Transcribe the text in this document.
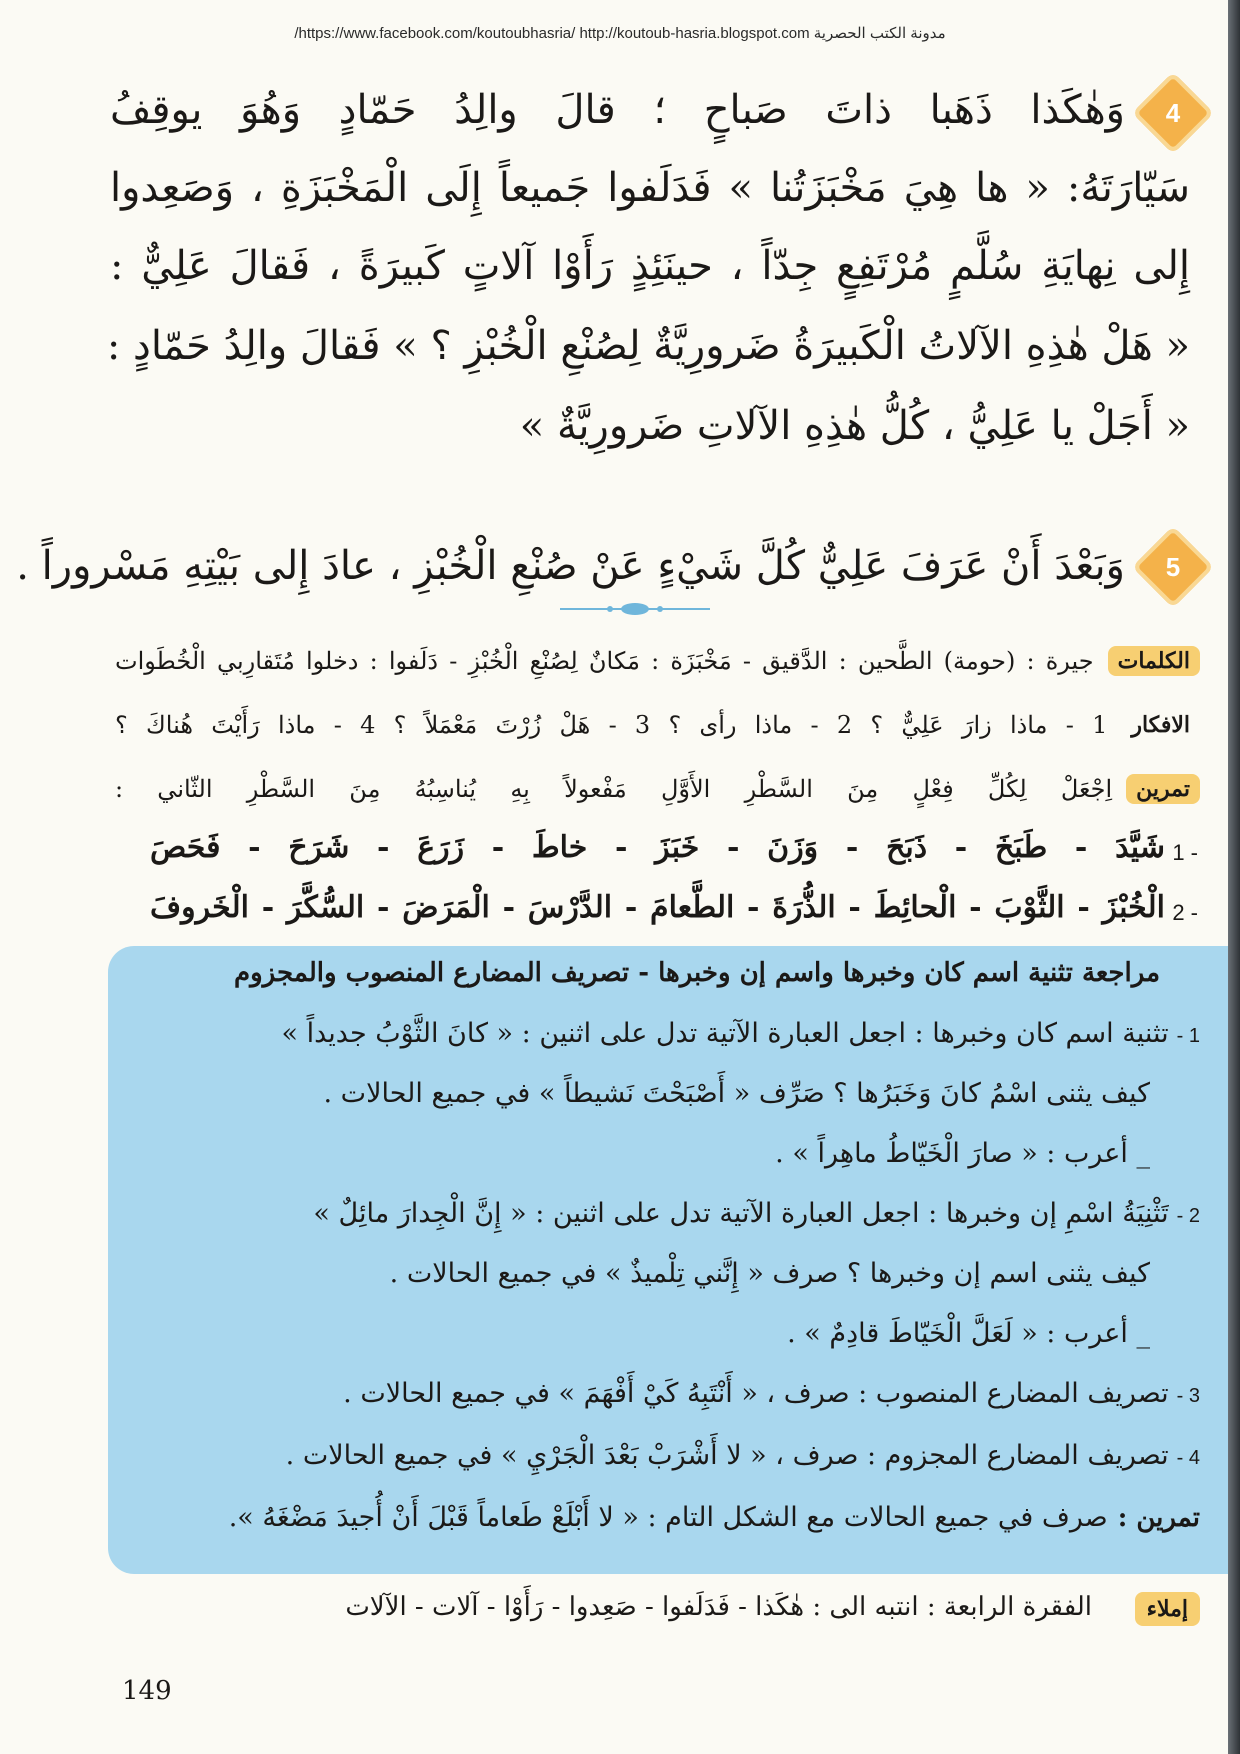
/https://www.facebook.com/koutoubhasria/ http://koutoub-hasria.blogspot.com مدونة الكتب الحصرية
4
وَهٰكَذا ذَهَبا ذاتَ صَباحٍ ؛ قالَ والِدُ حَمّادٍ وَهُوَ يوقِفُ
سَيّارَتَهُ: « ها هِيَ مَخْبَزَتُنا » فَدَلَفوا جَميعاً إِلَى الْمَخْبَزَةِ ، وَصَعِدوا
إِلى نِهايَةِ سُلَّمٍ مُرْتَفِعٍ جِدّاً ، حينَئِذٍ رَأَوْا آلاتٍ كَبيرَةً ، فَقالَ عَلِيٌّ :
« هَلْ هٰذِهِ الآلاتُ الْكَبيرَةُ ضَرورِيَّةٌ لِصُنْعِ الْخُبْزِ ؟ » فَقالَ والِدُ حَمّادٍ :
« أَجَلْ يا عَلِيُّ ، كُلُّ هٰذِهِ الآلاتِ ضَرورِيَّةٌ »
5
وَبَعْدَ أَنْ عَرَفَ عَلِيٌّ كُلَّ شَيْءٍ عَنْ صُنْعِ الْخُبْزِ ، عادَ إِلى بَيْتِهِ مَسْروراً .
الكلمات
جيرة : (حومة) الطَّحين : الدَّقيق - مَخْبَزَة : مَكانٌ لِصُنْعِ الْخُبْزِ - دَلَفوا : دخلوا مُتَقارِبي الْخُطَوات
الافكار
1 - ماذا زارَ عَلِيٌّ ؟ 2 - ماذا رأى ؟ 3 - هَلْ زُرْتَ مَعْمَلاً ؟ 4 - ماذا رَأَيْتَ هُناكَ ؟
تمرين
اِجْعَلْ لِكُلِّ فِعْلٍ مِنَ السَّطْرِ الأَوَّلِ مَفْعولاً بِهِ يُناسِبُهُ مِنَ السَّطْرِ الثّاني :
1 -
شَيَّدَ - طَبَخَ - ذَبَحَ - وَزَنَ - خَبَزَ - خاطَ - زَرَعَ - شَرَحَ - فَحَصَ
2 -
الْخُبْزَ - الثَّوْبَ - الْحائِطَ - الذُّرَةَ - الطَّعامَ - الدَّرْسَ - الْمَرَضَ - السُّكَّرَ - الْخَروفَ
مراجعة تثنية اسم كان وخبرها واسم إن وخبرها - تصريف المضارع المنصوب والمجزوم
1 -تثنية اسم كان وخبرها : اجعل العبارة الآتية تدل على اثنين : « كانَ الثَّوْبُ جديداً »
كيف يثنى اسْمُ كانَ وَخَبَرُها ؟ صَرِّف « أَصْبَحْتَ نَشيطاً » في جميع الحالات .
_ أعرب : « صارَ الْخَيّاطُ ماهِراً » .
2 -تَثْنِيَةُ اسْمِ إن وخبرها : اجعل العبارة الآتية تدل على اثنين : « إِنَّ الْجِدارَ مائِلٌ »
كيف يثنى اسم إن وخبرها ؟ صرف « إِنَّني تِلْميذٌ » في جميع الحالات .
_ أعرب : « لَعَلَّ الْخَيّاطَ قادِمٌ » .
3 -تصريف المضارع المنصوب : صرف ، « أَنْتَبِهُ كَيْ أَفْهَمَ » في جميع الحالات .
4 -تصريف المضارع المجزوم : صرف ، « لا أَشْرَبْ بَعْدَ الْجَرْيِ » في جميع الحالات .
تمرين :صرف في جميع الحالات مع الشكل التام : « لا أَبْلَعْ طَعاماً قَبْلَ أَنْ أُجيدَ مَضْغَهُ ».
إملاء
الفقرة الرابعة : انتبه الى : هٰكَذا - فَدَلَفوا - صَعِدوا - رَأَوْا - آلات - الآلات
149
